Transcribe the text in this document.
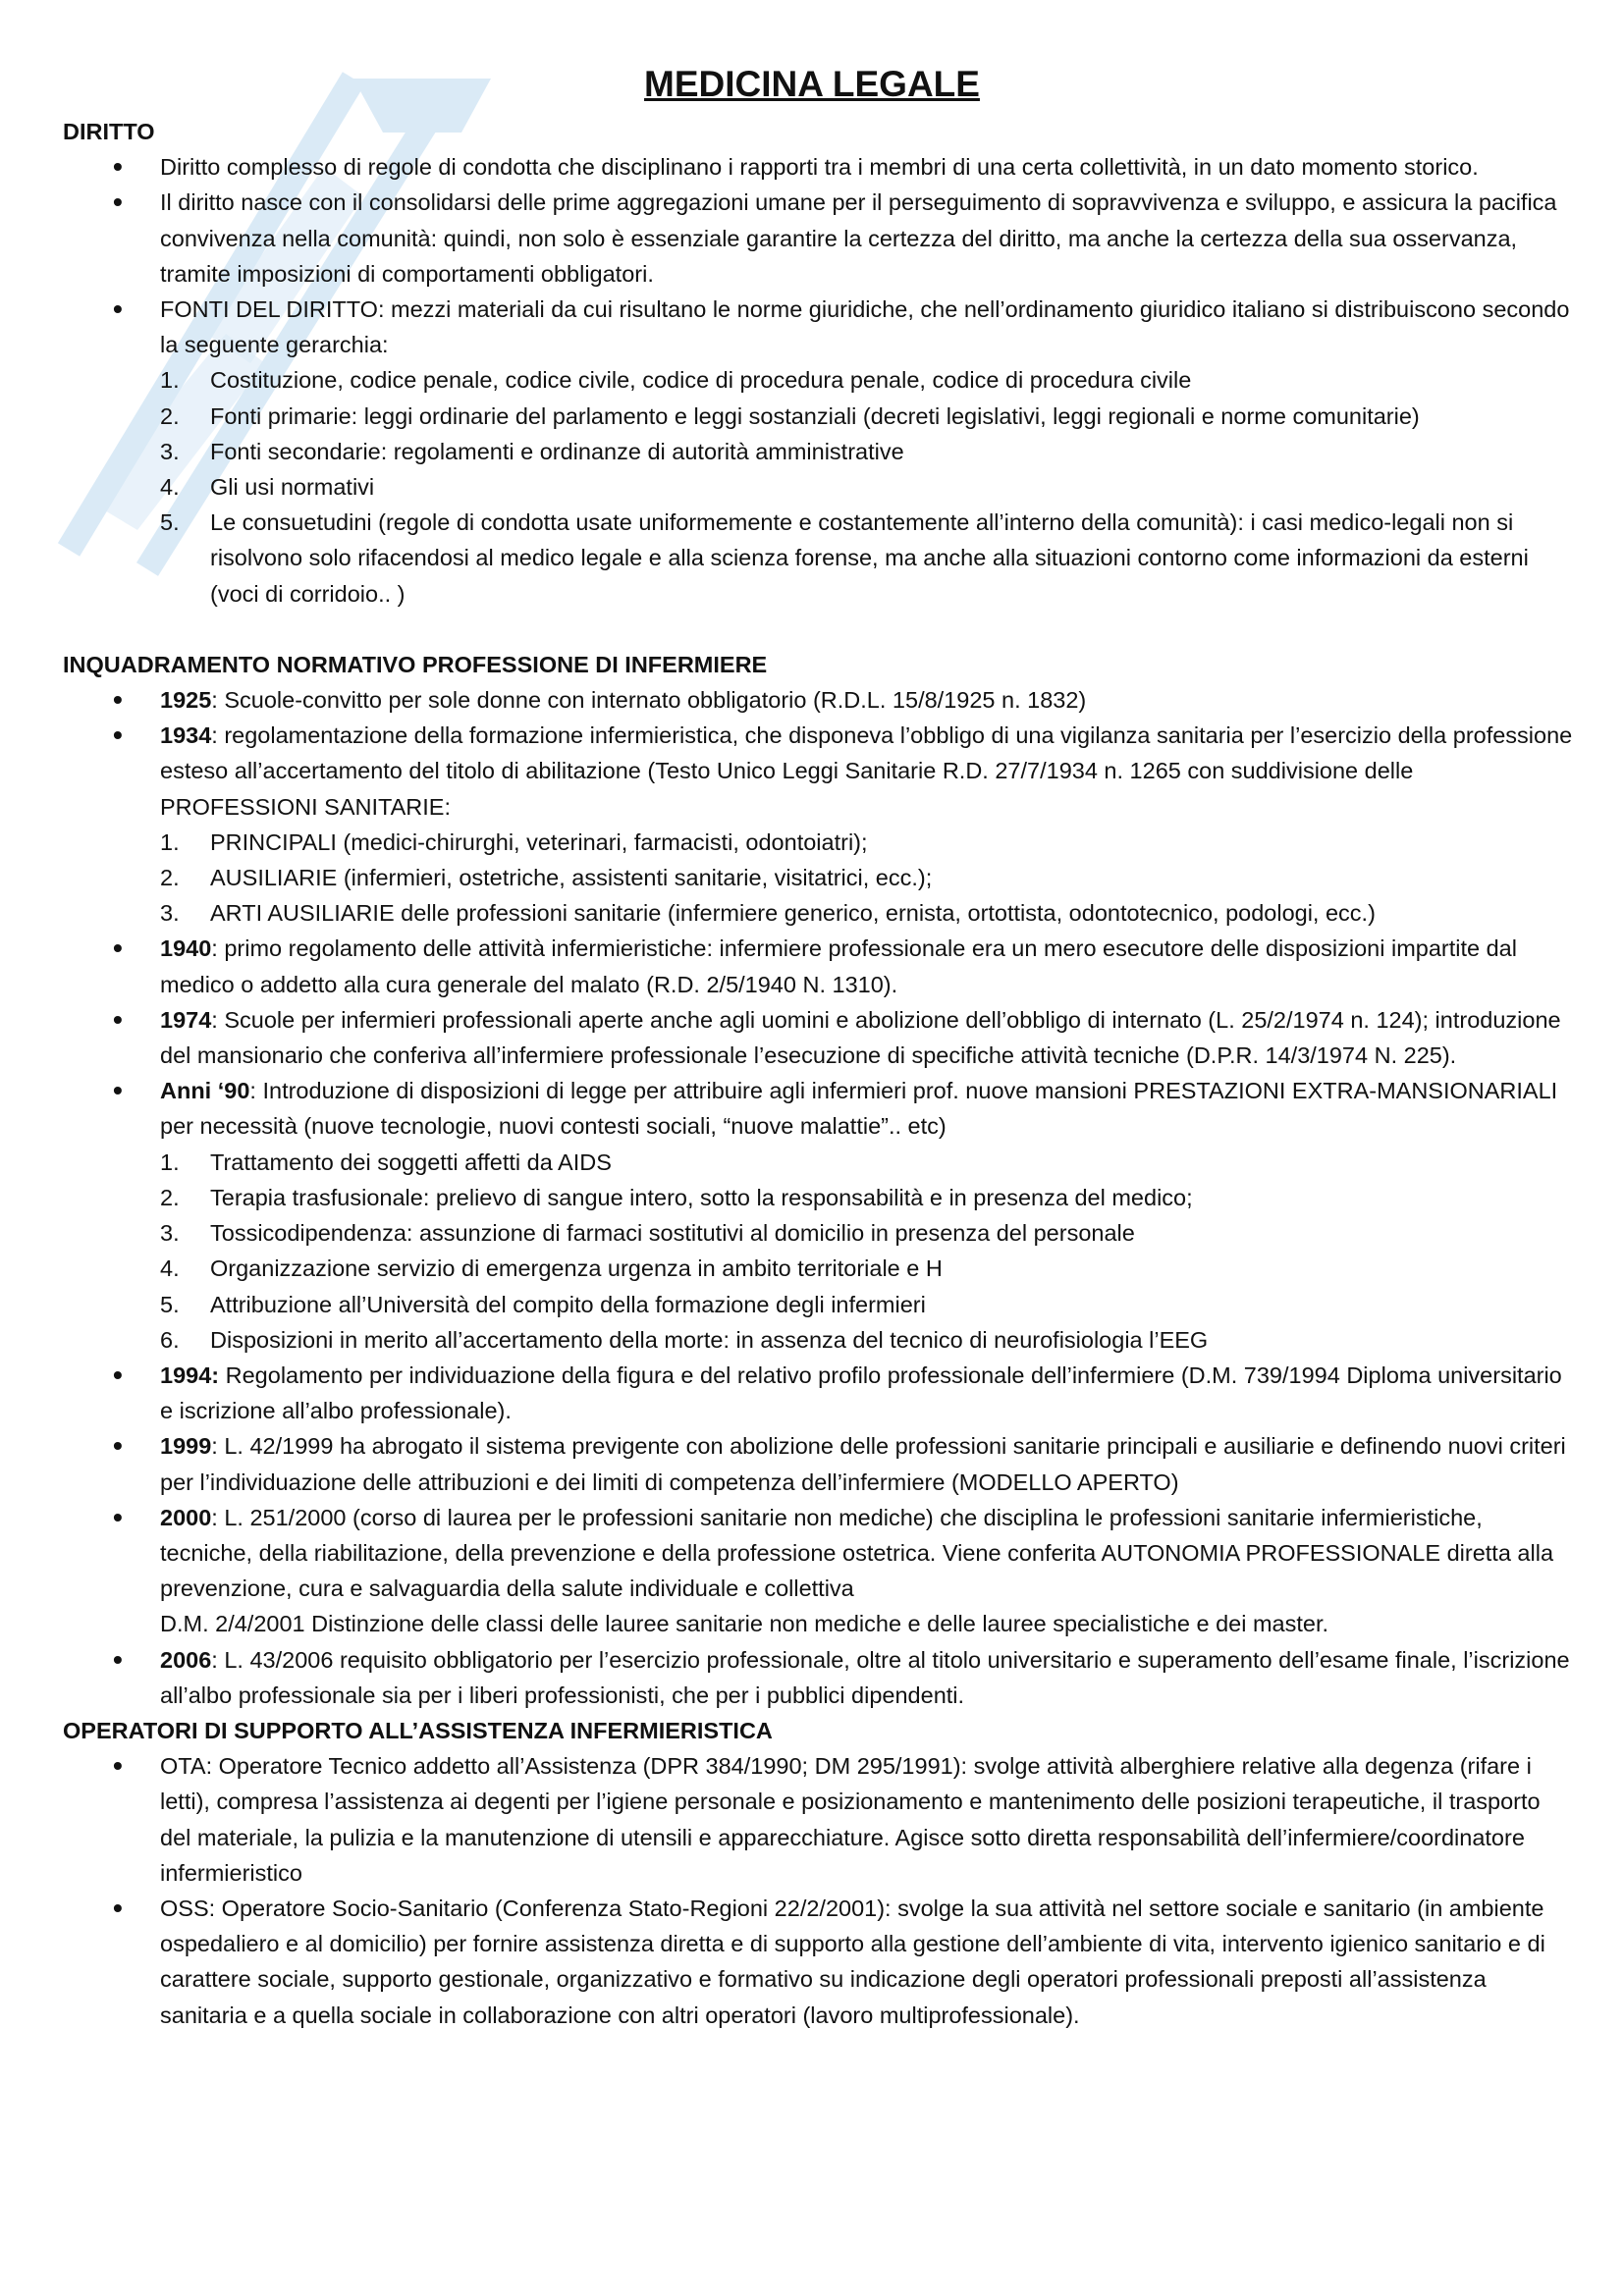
MEDICINA LEGALE
DIRITTO
• Diritto complesso di regole di condotta che disciplinano i rapporti tra i membri di una certa collettività, in un dato momento storico.
• Il diritto nasce con il consolidarsi delle prime aggregazioni umane per il perseguimento di sopravvivenza e sviluppo, e assicura la pacifica convivenza nella comunità: quindi, non solo è essenziale garantire la certezza del diritto, ma anche la certezza della sua osservanza, tramite imposizioni di comportamenti obbligatori.
• FONTI DEL DIRITTO: mezzi materiali da cui risultano le norme giuridiche, che nell’ordinamento giuridico italiano si distribuiscono secondo la seguente gerarchia:
1. Costituzione, codice penale, codice civile, codice di procedura penale, codice di procedura civile
2. Fonti primarie: leggi ordinarie del parlamento e leggi sostanziali (decreti legislativi, leggi regionali e norme comunitarie)
3. Fonti secondarie: regolamenti e ordinanze di autorità amministrative
4. Gli usi normativi
5. Le consuetudini (regole di condotta usate uniformemente e costantemente all’interno della comunità): i casi medico-legali non si risolvono solo rifacendosi al medico legale e alla scienza forense, ma anche alla situazioni contorno come informazioni da esterni (voci di corridoio.. )
INQUADRAMENTO NORMATIVO PROFESSIONE DI INFERMIERE
• 1925: Scuole-convitto per sole donne con internato obbligatorio (R.D.L. 15/8/1925 n. 1832)
• 1934: regolamentazione della formazione infermieristica, che disponeva l’obbligo di una vigilanza sanitaria per l’esercizio della professione esteso all’accertamento del titolo di abilitazione (Testo Unico Leggi Sanitarie R.D. 27/7/1934 n. 1265 con suddivisione delle PROFESSIONI SANITARIE:
1. PRINCIPALI (medici-chirurghi, veterinari, farmacisti, odontoiatri);
2. AUSILIARIE (infermieri, ostetriche, assistenti sanitarie, visitatrici, ecc.);
3. ARTI AUSILIARIE delle professioni sanitarie (infermiere generico, ernista, ortottista, odontotecnico, podologi, ecc.)
• 1940: primo regolamento delle attività infermieristiche: infermiere professionale era un mero esecutore delle disposizioni impartite dal medico o addetto alla cura generale del malato (R.D. 2/5/1940 N. 1310).
• 1974: Scuole per infermieri professionali aperte anche agli uomini e abolizione dell’obbligo di internato (L. 25/2/1974 n. 124); introduzione del mansionario che conferiva all’infermiere professionale l’esecuzione di specifiche attività tecniche (D.P.R. 14/3/1974 N. 225).
• Anni ‘90: Introduzione di disposizioni di legge per attribuire agli infermieri prof. nuove mansioni PRESTAZIONI EXTRA-MANSIONARIALI per necessità (nuove tecnologie, nuovi contesti sociali, “nuove malattie”.. etc)
1. Trattamento dei soggetti affetti da AIDS
2. Terapia trasfusionale: prelievo di sangue intero, sotto la responsabilità e in presenza del medico;
3. Tossicodipendenza: assunzione di farmaci sostitutivi al domicilio in presenza del personale
4. Organizzazione servizio di emergenza urgenza in ambito territoriale e H
5. Attribuzione all’Università del compito della formazione degli infermieri
6. Disposizioni in merito all’accertamento della morte: in assenza del tecnico di neurofisiologia l’EEG
• 1994: Regolamento per individuazione della figura e del relativo profilo professionale dell’infermiere (D.M. 739/1994 Diploma universitario e iscrizione all’albo professionale).
• 1999: L. 42/1999 ha abrogato il sistema previgente con abolizione delle professioni sanitarie principali e ausiliarie e definendo nuovi criteri per l’individuazione delle attribuzioni e dei limiti di competenza dell’infermiere (MODELLO APERTO)
• 2000: L. 251/2000 (corso di laurea per le professioni sanitarie non mediche) che disciplina le professioni sanitarie infermieristiche, tecniche, della riabilitazione, della prevenzione e della professione ostetrica. Viene conferita AUTONOMIA PROFESSIONALE diretta alla prevenzione, cura e salvaguardia della salute individuale e collettiva
D.M. 2/4/2001 Distinzione delle classi delle lauree sanitarie non mediche e delle lauree specialistiche e dei master.
• 2006: L. 43/2006 requisito obbligatorio per l’esercizio professionale, oltre al titolo universitario e superamento dell’esame finale, l’iscrizione all’albo professionale sia per i liberi professionisti, che per i pubblici dipendenti.
OPERATORI DI SUPPORTO ALL’ASSISTENZA INFERMIERISTICA
• OTA: Operatore Tecnico addetto all’Assistenza (DPR 384/1990; DM 295/1991): svolge attività alberghiere relative alla degenza (rifare i letti), compresa l’assistenza ai degenti per l’igiene personale e posizionamento e mantenimento delle posizioni terapeutiche, il trasporto del materiale, la pulizia e la manutenzione di utensili e apparecchiature. Agisce sotto diretta responsabilità dell’infermiere/coordinatore infermieristico
• OSS: Operatore Socio-Sanitario (Conferenza Stato-Regioni 22/2/2001): svolge la sua attività nel settore sociale e sanitario (in ambiente ospedaliero e al domicilio) per fornire assistenza diretta e di supporto alla gestione dell’ambiente di vita, intervento igienico sanitario e di carattere sociale, supporto gestionale, organizzativo e formativo su indicazione degli operatori professionali preposti all’assistenza sanitaria e a quella sociale in collaborazione con altri operatori (lavoro multiprofessionale).
